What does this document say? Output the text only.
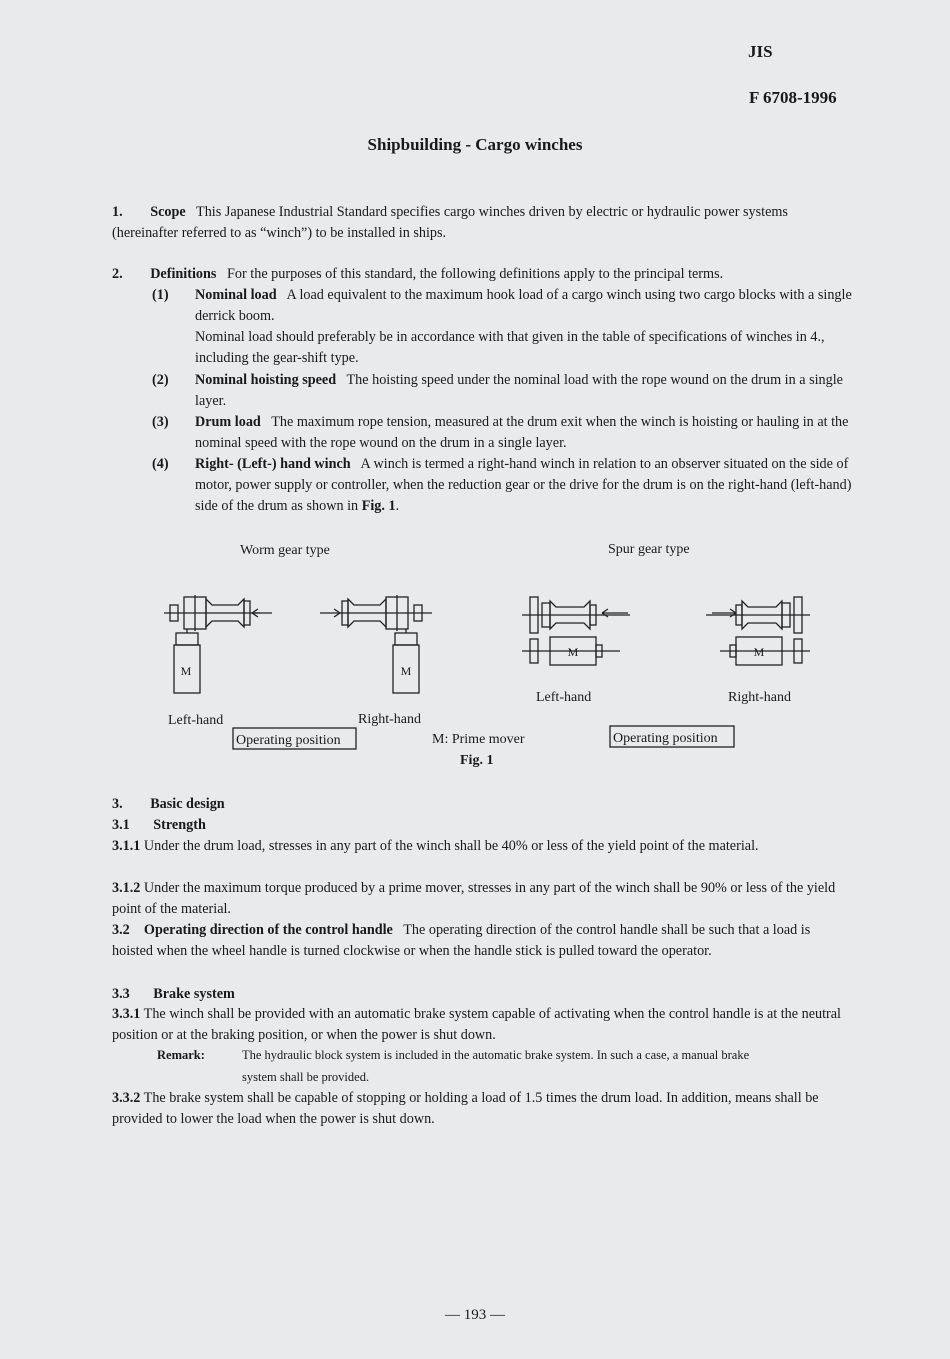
JIS
F 6708-1996
Shipbuilding - Cargo winches
1. Scope This Japanese Industrial Standard specifies cargo winches driven by electric or hydraulic power systems (hereinafter referred to as “winch”) to be installed in ships.
2. Definitions For the purposes of this standard, the following definitions apply to the principal terms.
(1) Nominal load A load equivalent to the maximum hook load of a cargo winch using two cargo blocks with a single derrick boom.
Nominal load should preferably be in accordance with that given in the table of specifications of winches in 4., including the gear-shift type.
(2) Nominal hoisting speed The hoisting speed under the nominal load with the rope wound on the drum in a single layer.
(3) Drum load The maximum rope tension, measured at the drum exit when the winch is hoisting or hauling in at the nominal speed with the rope wound on the drum in a single layer.
(4) Right- (Left-) hand winch A winch is termed a right-hand winch in relation to an observer situated on the side of motor, power supply or controller, when the reduction gear or the drive for the drum is on the right-hand (left-hand) side of the drum as shown in Fig. 1.
M	M
M	M
Worm gear type	Spur gear type
Left-hand	Right-hand
Left-hand	Right-hand
Operating position	Operating position
M: Prime mover
Fig. 1
3. Basic design
3.1 Strength
3.1.1 Under the drum load, stresses in any part of the winch shall be 40% or less of the yield point of the material.
3.1.2 Under the maximum torque produced by a prime mover, stresses in any part of the winch shall be 90% or less of the yield point of the material.
3.2 Operating direction of the control handle The operating direction of the control handle shall be such that a load is hoisted when the wheel handle is turned clockwise or when the handle stick is pulled toward the operator.
3.3 Brake system
3.3.1 The winch shall be provided with an automatic brake system capable of activating when the control handle is at the neutral position or at the braking position, or when the power is shut down.
Remark:	The hydraulic block system is included in the automatic brake system. In such a case, a manual brake
system shall be provided.
3.3.2 The brake system shall be capable of stopping or holding a load of 1.5 times the drum load. In addition, means shall be provided to lower the load when the power is shut down.
— 193 —
